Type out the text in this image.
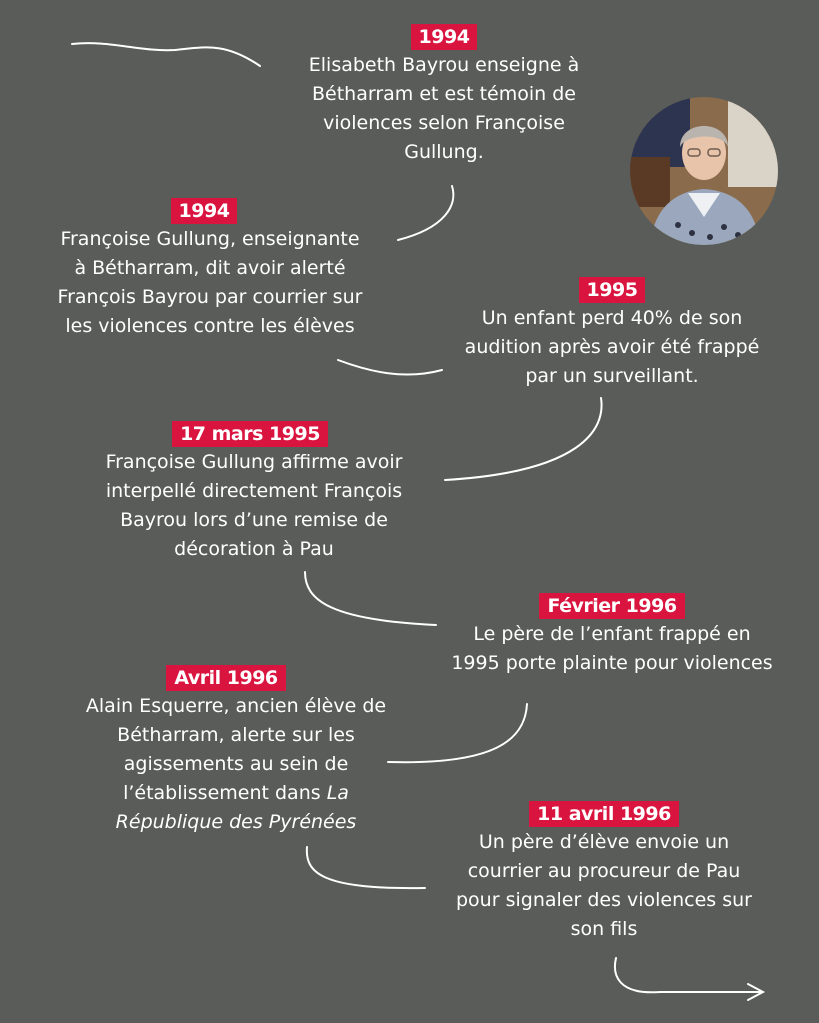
1994
Elisabeth Bayrou enseigne à
Bétharram et est témoin de
violences selon Françoise
Gullung.
1994
Françoise Gullung, enseignante
à Bétharram, dit avoir alerté
François Bayrou par courrier sur
les violences contre les élèves
1995
Un enfant perd 40% de son
audition après avoir été frappé
par un surveillant.
17 mars 1995
Françoise Gullung affirme avoir
interpellé directement François
Bayrou lors d’une remise de
décoration à Pau
Février 1996
Le père de l’enfant frappé en
1995 porte plainte pour violences
Avril 1996
Alain Esquerre, ancien élève de
Bétharram, alerte sur les
agissements au sein de
l’établissement dans La
République des Pyrénées	11 avril 1996
Un père d’élève envoie un
courrier au procureur de Pau
pour signaler des violences sur
son fils
